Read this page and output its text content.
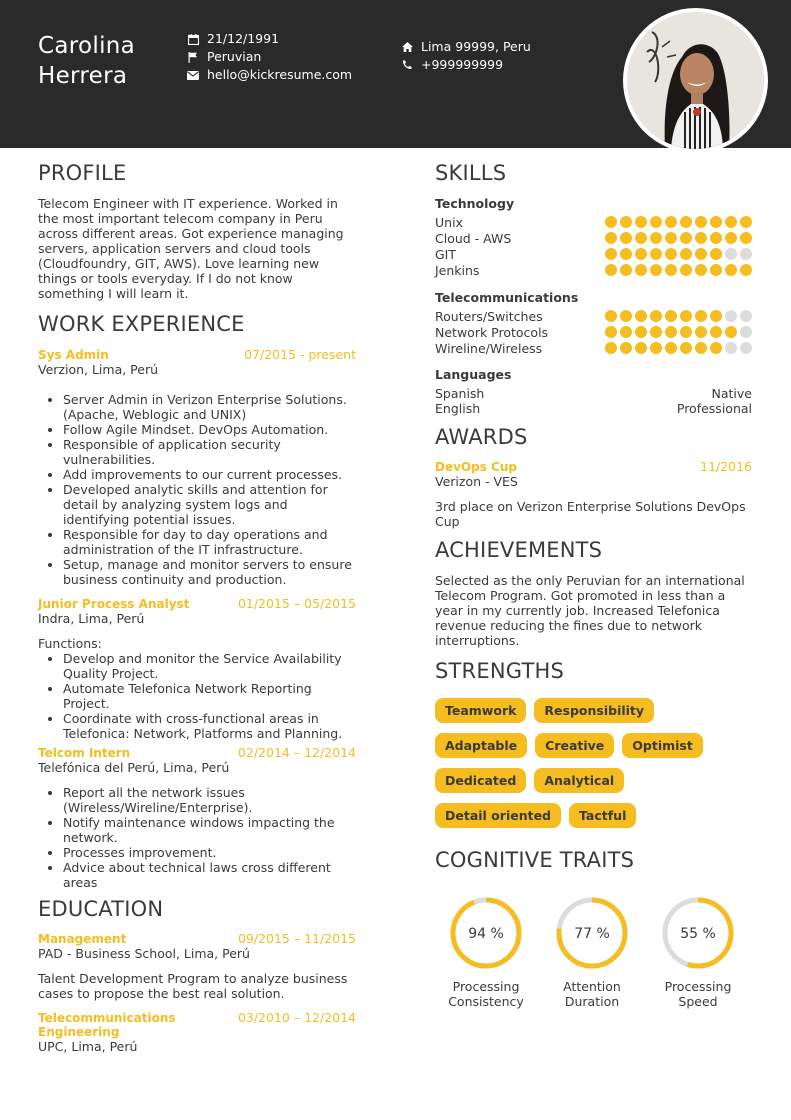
Carolina
Herrera
21/12/1991
Peruvian
hello@kickresume.com
Lima 99999, Peru
+999999999
PROFILE
Telecom Engineer with IT experience. Worked in the most important telecom company in Peru across different areas. Got experience managing servers, application servers and cloud tools (Cloudfoundry, GIT, AWS). Love learning new things or tools everyday. If I do not know something I will learn it.
WORK EXPERIENCE
Sys Admin	07/2015 - present
Verzion, Lima, Perú
• Server Admin in Verizon Enterprise Solutions. (Apache, Weblogic and UNIX)
• Follow Agile Mindset. DevOps Automation.
• Responsible of application security vulnerabilities.
• Add improvements to our current processes.
• Developed analytic skills and attention for detail by analyzing system logs and identifying potential issues.
• Responsible for day to day operations and administration of the IT infrastructure.
• Setup, manage and monitor servers to ensure business continuity and production.
Junior Process Analyst	01/2015 – 05/2015
Indra, Lima, Perú
Functions:
• Develop and monitor the Service Availability Quality Project.
• Automate Telefonica Network Reporting Project.
• Coordinate with cross-functional areas in Telefonica: Network, Platforms and Planning.
Telcom Intern	02/2014 – 12/2014
Telefónica del Perú, Lima, Perú
• Report all the network issues (Wireless/Wireline/Enterprise).
• Notify maintenance windows impacting the network.
• Processes improvement.
• Advice about technical laws cross different areas
EDUCATION
Management	09/2015 – 11/2015
PAD - Business School, Lima, Perú
Talent Development Program to analyze business cases to propose the best real solution.
Telecommunications Engineering
03/2010 – 12/2014
UPC, Lima, Perú
SKILLS
Technology
Unix
Cloud - AWS
GIT
Jenkins
Telecommunications
Routers/Switches
Network Protocols
Wireline/Wireless
Languages
Spanish	Native
English	Professional
AWARDS
DevOps Cup	11/2016
Verizon - VES
3rd place on Verizon Enterprise Solutions DevOps Cup
ACHIEVEMENTS
Selected as the only Peruvian for an international Telecom Program. Got promoted in less than a year in my currently job. Increased Telefonica revenue reducing the fines due to network interruptions.
STRENGTHS
Teamwork	Responsibility
Adaptable	Creative	Optimist
Dedicated	Analytical
Detail oriented	Tactful
COGNITIVE TRAITS
94 %
Processing
Consistency
77 %
Attention
Duration
55 %
Processing
Speed
